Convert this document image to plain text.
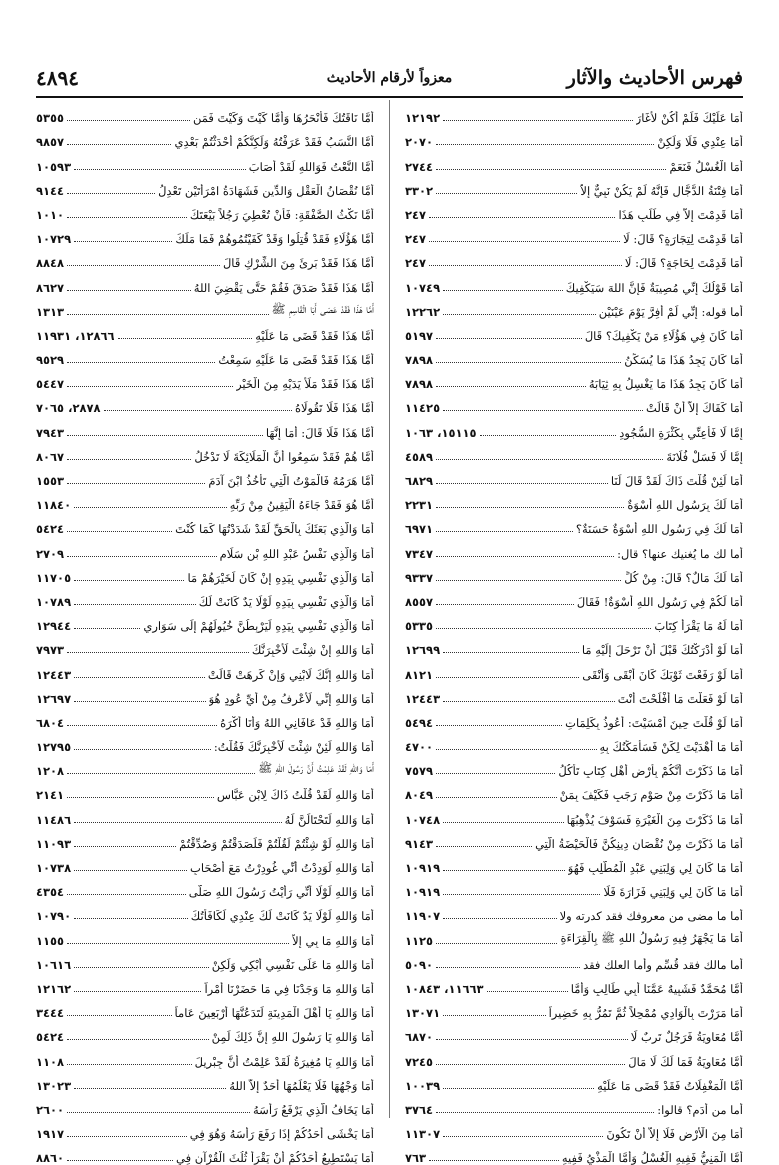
فهرس الأحاديث والآثار
معزواً لأرقام الأحاديث
٤٨٩٤
أَمَا عَلَيْكَ فَلَمْ أَكُنْ لأَغَارَ
١٢١٩٢
أَمَا عِنْدِي فَلَا وَلَكِنْ
٢٠٧٠
أَمَا الْغُسْلُ فَنَعَمْ
٢٧٤٤
أَمَا فِتْنَةُ الدَّجَّالِ فَإِنَّهُ لَمْ يَكُنْ نَبِيٌّ إِلاَّ
٣٣٠٢
أَمَا قَدِمْتَ إِلاَّ فِي طَلَبِ هَذَا
٢٤٧
أَمَا قَدِمْتَ لِتِجَارَةٍ؟ قَالَ: لَا
٢٤٧
أَمَا قَدِمْتَ لِحَاجَةٍ؟ قَالَ: لَا
٢٤٧
أَمَا قَوْلُكَ إِنِّي مُصِيبَةٌ فَإِنَّ اللهَ سَيَكْفِيكَ
١٠٧٤٩
أما قوله: إِنِّي لَمْ أَفِرَّ يَوْمَ عَيْنَيْنِ
١٢٢٦٢
أَمَا كَانَ فِي هَؤُلَاءِ مَنْ يَكْفِيكَ؟ قَالَ
٥١٩٧
أَمَا كَانَ يَجِدُ هَذَا مَا يُسَكِّنُ
٧٨٩٨
أَمَا كَانَ يَجِدُ هَذَا مَا يَغْسِلُ بِهِ ثِيَابَهُ
٧٨٩٨
أَمَا كَفَاكَ إِلاَّ أَنْ قَالَتْ
١١٤٢٥
إِمَّا لَا فَأَعِنِّي بِكَثْرَةِ السُّجُودِ
١٥١١٥، ١٠٦٣
إِمَّا لَا فَسَلْ فُلَانَةَ
٤٥٨٩
أَمَا لَئِنْ قُلْتَ ذَاكَ لَقَدْ قَالَ لَنَا
٦٨٢٩
أَمَا لَكَ بِرَسُولِ اللهِ أُسْوَةٌ
٢٢٣١
أَمَا لَكَ فِي رَسُولِ اللهِ أُسْوَةٌ حَسَنَةٌ؟
٦٩٧١
أما لك ما يُغنيك عنها؟ قال:
٧٣٤٧
أَمَا لَكَ مَالٌ؟ قَالَ: مِنْ كُلٍّ
٩٣٣٧
أَمَا لَكُمْ فِي رَسُولِ اللهِ أُسْوَةٌ! فَقَالَ
٨٥٥٧
أَمَا لَهُ مَا يَقْرَأُ كِتَابَ
٥٣٣٥
أَمَا لَوْ أَدْرَكْتُكَ قَبْلَ أَنْ تَرْحَلَ إِلَيْهِ مَا
١٢٦٩٩
أَمَا لَوْ رَفَعْتَ ثَوْبَكَ كَانَ أَبْقَى وَأَنْقَى
٨١٢١
أَمَا لَوْ فَعَلْتَ مَا أَفْلَحْتَ أَنْتَ
١٢٤٤٣
أَمَا لَوْ قُلْتَ حِينَ أَمْسَيْتَ: أَعُوذُ بِكَلِمَاتِ
٥٤٩٤
أَمَا مَا أَهْدَيْتَ لِكَنْ فَسَأُمَكِّنُكَ بِهِ
٤٧٠٠
أَمَا مَا ذَكَرْتَ أَنَّكُمْ بِأَرْضِ أَهْلِ كِتَابٍ تَأْكُلُ
٧٥٧٩
أَمَا مَا ذَكَرْتَ مِنْ صَوْمِ رَجَبٍ فَكَيْفَ بِمَنْ
٨٠٤٩
أَمَا مَا ذَكَرْتَ مِنَ الْغَيْرَةِ فَسَوْفَ يُذْهِبُهَا
١٠٧٤٨
أَمَا مَا ذَكَرْتَ مِنْ نُقْصَانِ دِينِكُنَّ فَالْحَيْضَةُ الَّتِي
٩١٤٣
أَمَا مَا كَانَ لِي وَلِبَنِي عَبْدِ الْمُطَّلِبِ فَهُوَ
١٠٩١٩
أَمَا مَا كَانَ لِي وَلِبَنِي فَزَارَةَ فَلَا
١٠٩١٩
أما ما مضى من معروفك فقد كدرته ولا
١١٩٠٧
أَمَا مَا يَجْهَرُ فِيهِ رَسُولُ اللهِ ﷺ بِالْقِرَاءَةِ
١١٢٥
أما مالك فقد قُسِّم وأما العلك فقد
٥٠٩٠
أَمَّا مُحَمَّدٌ فَشَبِيهٌ عَمَّنَا أَبِي طَالِبٍ وَأَمَّا
١١٦٦٣، ١٠٨٤٣
أَمَا مَرَرْتَ بِالْوَادِي مُمْحِلاً ثُمَّ تَمُرُّ بِهِ خَضِيراً
١٣٠٧١
أَمَّا مُعَاوِيَةُ فَرَجُلٌ تَرِبٌ لَا
٦٨٧٠
أَمَّا مُعَاوِيَةُ فَمَا لَكَ لَا مَالَ
٧٢٤٥
أَمَّا الْمَغْفِلَاتُ فَقَدْ قَضَى مَا عَلَيْهِ
١٠٠٣٩
أما من أَدَمٍ؟ قالوا:
٣٧٦٤
أَمَا مِنَ الْأَرْضِ فَلَا إِلاَّ أَنْ تَكُونَ
١١٣٠٧
أَمَّا الْمَنِيُّ فَفِيهِ الْغُسْلُ وَأَمَّا الْمَذْيُ فَفِيهِ
٧٦٣
أَمَّا نَاقَتُكَ فَأَنْحَرُهَا وَأَمَّا كَيْتَ وَكَيْتَ فَمَن
٥٣٥٥
أَمَّا النَّسَبُ فَقَدْ عَرَفْتُهُ وَلَكِنَّكُمْ أَحْدَثْتُمْ بَعْدِي
٩٨٥٧
أَمَّا النَّعْتُ فَوَاللهِ لَقَدْ أَصَابَ
١٠٥٩٣
أَمَّا نُقْصَانُ الْعَقْلِ وَالدِّينِ فَشَهَادَةُ امْرَأَتَيْنِ تَعْدِلُ
٩١٤٤
أَمَّا نَكْثُ الصَّفْقَةِ: فَأَنْ تُعْطِيَ رَجُلاً بَيْعَتَكَ
١٠١٠
أَمَّا هَؤُلَاءِ فَقَدْ قُتِلُوا وَقَدْ كَفَيْتُمُوهُمْ فَمَا مَلَكَ
١٠٧٢٩
أَمَّا هَذَا فَقَدْ بَرِئَ مِنَ الشِّرْكِ قَالَ
٨٨٤٨
أَمَّا هَذَا فَقَدْ صَدَقَ فَقُمْ حَتَّى يَقْضِيَ اللهُ
٨٦٢٧
أَمَّا هَذَا فَقَدْ عَصَى أَبَا الْقَاسِمِ ﷺ
١٣١٣
أَمَّا هَذَا فَقَدْ قَضَى مَا عَلَيْهِ
١٢٨٦٦، ١١٩٣١
أَمَّا هَذَا فَقَدْ قَضَى مَا عَلَيْهِ سَمِعْتُ
٩٥٢٩
أَمَّا هَذَا فَقَدْ مَلَأَ يَدَيْهِ مِنَ الْخَيْرِ
٥٤٤٧
أَمَّا هَذَا فَلَا تَقُولَاهُ
٢٨٧٨، ٧٠٦٥
أَمَّا هَذَا فَلَا قَالَ: أَمَا إِنَّهَا
٧٩٤٣
أَمَّا هُمْ فَقَدْ سَمِعُوا أَنَّ الْمَلَائِكَةَ لَا تَدْخُلُ
٨٠٦٧
أَمَّا هَرَمُهُ فَالْمَوْتُ الَّتِي تَأْخُذُ ابْنَ آدَمَ
١٥٥٣
أَمَّا هُوَ فَقَدْ جَاءَهُ الْيَقِينُ مِنْ رَبِّهِ
١١٨٤٠
أَمَا وَالَّذِي بَعَثَكَ بِالْحَقِّ لَقَدْ شَدَدْتُهَا كَمَا كُنْتَ
٥٤٢٤
أَمَا وَالَّذِي نَفْسُ عَبْدِ اللهِ بْنِ سَلَامٍ
٢٧٠٩
أَمَا وَالَّذِي نَفْسِي بِيَدِهِ إِنْ كَانَ لَخَيْرَهُمْ مَا
١١٧٠٥
أَمَا وَالَّذِي نَفْسِي بِيَدِهِ لَوْلَا يَدٌ كَانَتْ لَكَ
١٠٧٨٩
أَمَا وَالَّذِي نَفْسِي بِيَدِهِ لَيَرْبِطُنَّ خُيُولَهُمْ إِلَى سَوَارِي
١٢٩٤٤
أَمَا وَاللهِ إِنْ شِئْتَ لَأُخْبِرَنَّكَ
٧٩٧٣
أَمَا وَاللهِ إِنَّكَ لَابْنِي وَإِنْ كَرِهَتْ قَالَتْ
١٢٤٤٣
أَمَا وَاللهِ إِنِّي لَأَعْرِفُ مِنْ أَيِّ عُودٍ هُوَ
١٢٦٩٧
أَمَا وَاللهِ قَدْ عَافَانِي اللهُ وَأَنَا أَكْرَهُ
٦٨٠٤
أَمَا وَاللهِ لَئِنْ شِئْتَ لَأُخْبِرَنَّكَ فَقُلْتُ:
١٢٧٩٥
أَمَا وَاللهِ لَقَدْ عَلِمْتُ أَنَّ رَسُولَ اللهِ ﷺ
١٢٠٨
أَمَا وَاللهِ لَقَدْ قُلْتُ ذَاكَ لِابْنِ عَبَّاسٍ
٢١٤١
أَمَا وَاللهِ لَتَحْتَالَنَّ لَهُ
١١٤٨٦
أَمَا وَاللهِ لَوْ شِئْتُمْ لَقُلْتُمْ فَلَصَدَقْتُمْ وَصُدِّقْتُمْ
١١٠٩٣
أَمَا وَاللهِ لَوَدِدْتُ أَنِّي غُودِرْتُ مَعَ أَصْحَابِ
١٠٧٣٨
أَمَا وَاللهِ لَوْلَا أَنِّي رَأَيْتُ رَسُولَ اللهِ صَلَّى
٤٣٥٤
أَمَا وَاللهِ لَوْلَا يَدٌ كَانَتْ لَكَ عِنْدِي لَكَافَأْتُكَ
١٠٧٩٠
أَمَا وَاللهِ مَا بِي إِلاَّ
١١٥٥
أَمَا وَاللهِ مَا عَلَى نَفْسِي أَبْكِي وَلَكِنْ
١٠٦١٦
أَمَا وَاللهِ مَا وَجَدْنَا فِي مَا حَضَرْنَا أَمْراً
١٢١٦٢
أَمَا وَاللهِ يَا أَهْلَ الْمَدِينَةِ لَتَدَعُنَّهَا أَرْبَعِينَ عَاماً
٣٤٤٤
أَمَا وَاللهِ يَا رَسُولَ اللهِ إِنَّ ذَلِكَ لَمِنْ
٥٤٢٤
أَمَا وَاللهِ يَا مُغِيرَةُ لَقَدْ عَلِمْتُ أَنَّ جِبْرِيلَ
١١٠٨
أَمَا وَجْهُهَا فَلَا يَعْلَمُهَا أَحَدٌ إِلاَّ اللهُ
١٣٠٢٣
أَمَا يَخَافُ الَّذِي يَرْفَعُ رَأْسَهُ
٢٦٠٠
أَمَا يَخْشَى أَحَدُكُمْ إِذَا رَفَعَ رَأْسَهُ وَهُوَ فِي
١٩١٧
أَمَا يَسْتَطِيعُ أَحَدُكُمْ أَنْ يَقْرَأَ ثُلُثَ الْقُرْآنِ فِي
٨٨٦٠
